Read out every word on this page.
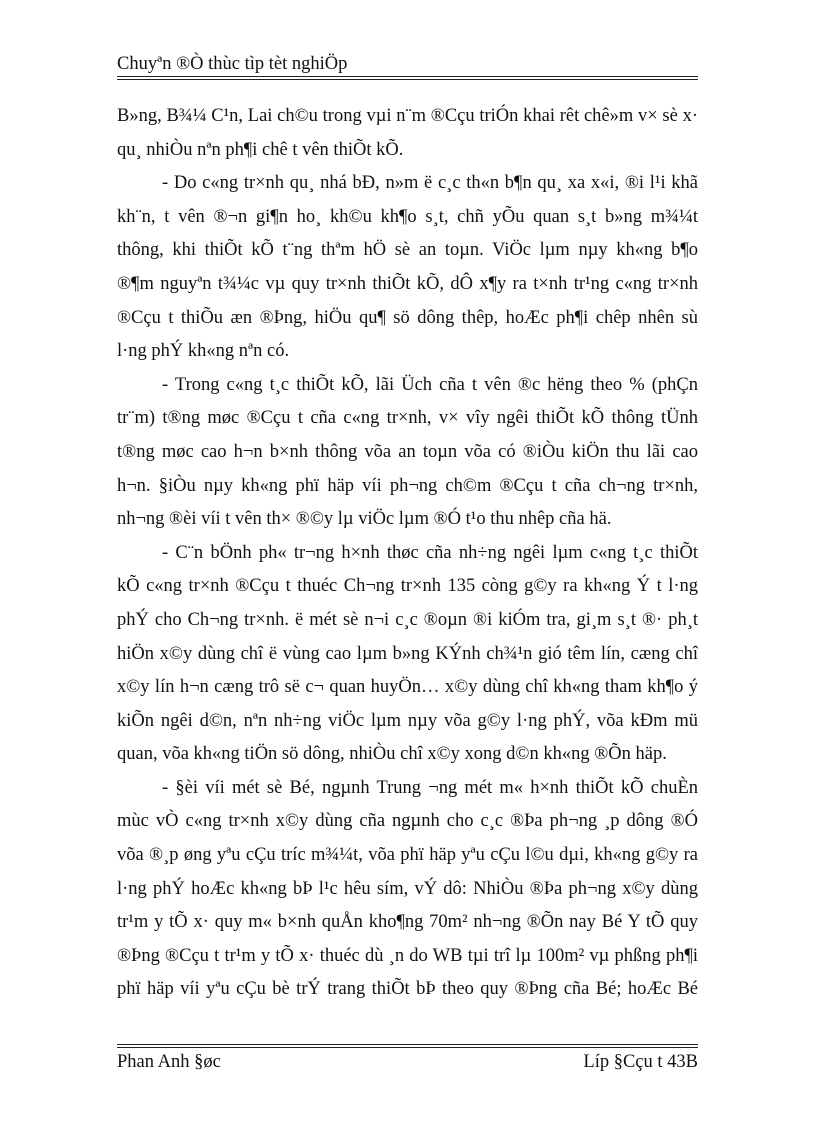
Chuyªn ®Ò thùc tìp tèt nghiÖp
B»ng, B¾¼ C¹n, Lai ch©u trong vµi n¨m ®Cçu triÓn khai rêt chê»m v× sè x·
qu¸ nhiÒu nªn ph¶i chê t vên thiÕt kÕ.
- Do c«ng tr×nh qu¸ nhá bÐ, n»m ë c¸c th«n b¶n qu¸ xa x«i, ®i l¹i khã
kh¨n, t vên ®¬n gi¶n ho¸ kh©u kh¶o s¸t, chñ yÕu quan s¸t b»ng m¾¼t
thông, khi thiÕt kÕ t¨ng thªm hÖ sè an toµn. ViÖc lµm nµy kh«ng b¶o
®¶m nguyªn t¾¼c vµ quy tr×nh thiÕt kÕ, dÔ x¶y ra t×nh tr¹ng c«ng tr×nh
®Cçu t thiÕu æn ®Þng, hiÖu qu¶ sö dông thêp, hoÆc ph¶i chêp nhên sù
l·ng phÝ kh«ng nªn có.
- Trong c«ng t¸c thiÕt kÕ, lãi Üch cña t vên ®c hëng theo % (phÇn
tr¨m) t®ng møc ®Cçu t cña c«ng tr×nh, v× vîy ngêi thiÕt kÕ thông tÜnh
t®ng møc cao h¬n b×nh thông võa an toµn võa có ®iÒu kiÖn thu lãi cao
h¬n. §iÒu nµy kh«ng phï häp víi ph¬ng ch©m ®Cçu t cña ch¬ng tr×nh,
nh¬ng ®èi víi t vên th× ®©y lµ viÖc lµm ®Ó t¹o thu nhêp cña hä.
- C¨n bÖnh ph« tr¬ng h×nh thøc cña nh÷ng ngêi lµm c«ng t¸c thiÕt
kÕ c«ng tr×nh ®Cçu t thuéc Ch¬ng tr×nh 135 còng g©y ra kh«ng Ý t l·ng
phÝ cho Ch¬ng tr×nh. ë mét sè n¬i c¸c ®oµn ®i kiÓm tra, gi¸m s¸t ®· ph¸t
hiÖn x©y dùng chî ë vùng cao lµm b»ng KÝnh ch¾¹n gió têm lín, cæng chî
x©y lín h¬n cæng trô së c¬ quan huyÖn… x©y dùng chî kh«ng tham kh¶o ý
kiÕn ngêi d©n, nªn nh÷ng viÖc lµm nµy võa g©y l·ng phÝ, võa kÐm mü
quan, võa kh«ng tiÖn sö dông, nhiÒu chî x©y xong d©n kh«ng ®Õn häp.
- §èi víi mét sè Bé, ngµnh Trung ¬ng mét m« h×nh thiÕt kÕ chuÈn
mùc vÒ c«ng tr×nh x©y dùng cña ngµnh cho c¸c ®Þa ph¬ng ¸p dông ®Ó
võa ®¸p øng yªu cÇu tríc m¾¼t, võa phï häp yªu cÇu l©u dµi, kh«ng g©y ra
l·ng phÝ hoÆc kh«ng bÞ l¹c hêu sím, vÝ dô: NhiÒu ®Þa ph¬ng x©y dùng
tr¹m y tÕ x· quy m« b×nh quÅn kho¶ng 70m² nh¬ng ®Õn nay Bé Y tÕ quy
®Þng ®Cçu t tr¹m y tÕ x· thuéc dù ¸n do WB tµi trî lµ 100m² vµ phßng ph¶i
phï häp víi yªu cÇu bè trÝ trang thiÕt bÞ theo quy ®Þng cña Bé; hoÆc Bé
Phan Anh §øc	Líp §Cçu t 43B
